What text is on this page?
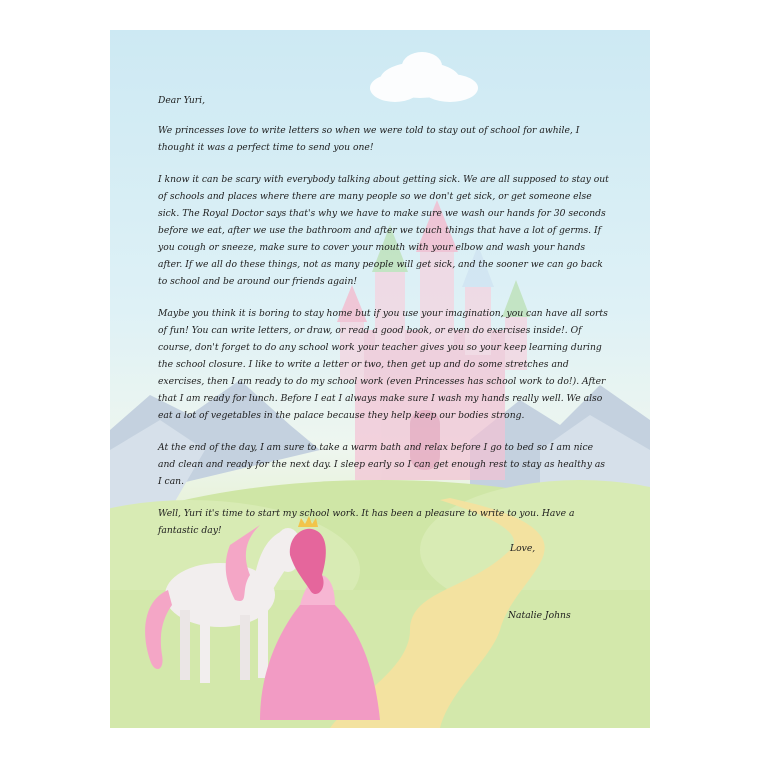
Dear Yuri,

We princesses love to write letters so when we were told to stay out of school for awhile, I thought it was a perfect time to send you one!

I know it can be scary with everybody talking about getting sick. We are all supposed to stay out of schools and places where there are many people so we don't get sick, or get someone else sick. The Royal Doctor says that's why we have to make sure we wash our hands for 30 seconds before we eat, after we use the bathroom and after we touch things that have a lot of germs. If you cough or sneeze, make sure to cover your mouth with your elbow and wash your hands after. If we all do these things, not as many people will get sick, and the sooner we can go back to school and be around our friends again!

Maybe you think it is boring to stay home but if you use your imagination, you can have all sorts of fun! You can write letters, or draw, or read a good book, or even do exercises inside!. Of course, don't forget to do any school work your teacher gives you so your keep learning during the school closure. I like to write a letter or two, then get up and do some stretches and exercises, then I am ready to do my school work (even Princesses has school work to do!). After that I am ready for lunch. Before I eat I always make sure I wash my hands really well. We also eat a lot of vegetables in the palace because they help keep our bodies strong.

At the end of the day, I am sure to take a warm bath and relax before I go to bed so I am nice and clean and ready for the next day. I sleep early so I can get enough rest to stay as healthy as I can.

Well, Yuri it's time to start my school work. It has been a pleasure to write to you. Have a fantastic day!

Love,
Natalie Johns
